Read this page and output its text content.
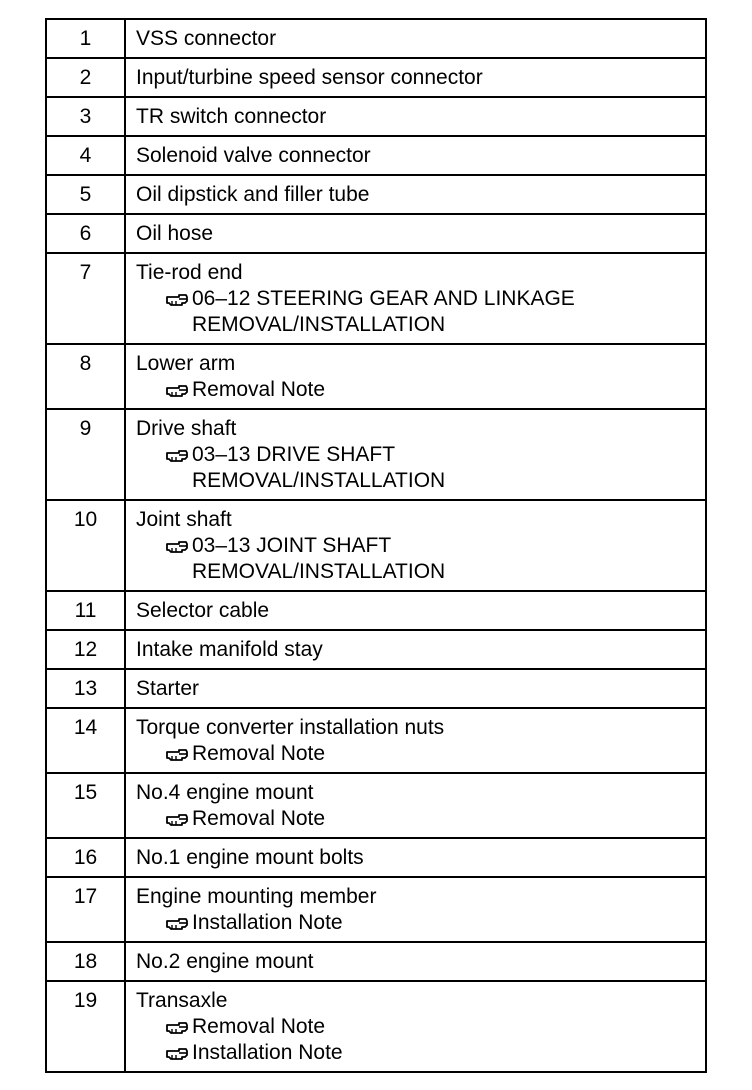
1	VSS connector

2	Input/turbine speed sensor connector

3	TR switch connector

4	Solenoid valve connector

5	Oil dipstick and filler tube

6	Oil hose

7	Tie-rod end
06–12 STEERING GEAR AND LINKAGE
REMOVAL/INSTALLATION

8	Lower arm
Removal Note

9	Drive shaft
03–13 DRIVE SHAFT
REMOVAL/INSTALLATION

10	Joint shaft
03–13 JOINT SHAFT
REMOVAL/INSTALLATION

11	Selector cable

12	Intake manifold stay

13	Starter

14	Torque converter installation nuts
Removal Note

15	No.4 engine mount
Removal Note

16	No.1 engine mount bolts

17	Engine mounting member
Installation Note

18	No.2 engine mount

19	Transaxle
Removal Note
Installation Note
